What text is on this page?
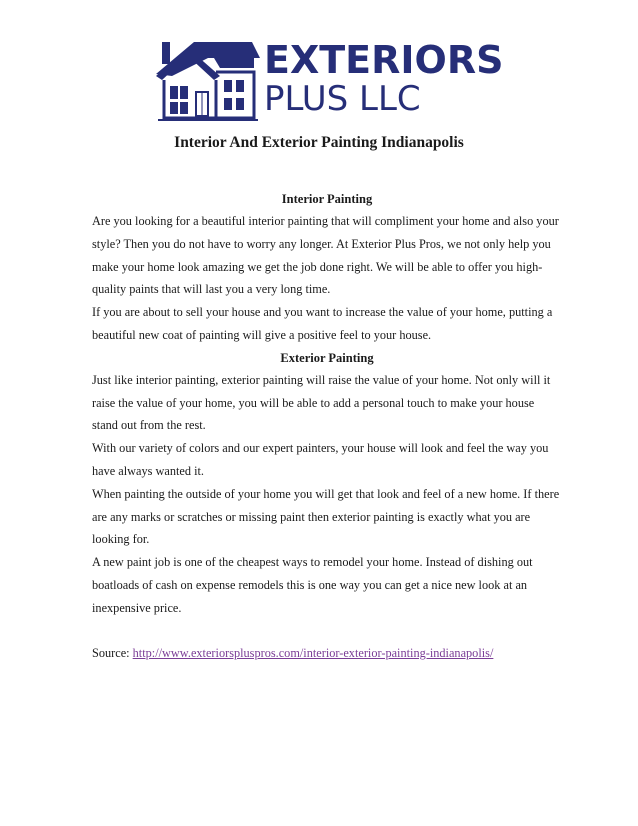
EXTERIORS
PLUS LLC
Interior And Exterior Painting Indianapolis
Interior Painting

Are you looking for a beautiful interior painting that will compliment your home and also your style? Then you do not have to worry any longer. At Exterior Plus Pros, we not only help you make your home look amazing we get the job done right. We will be able to offer you high-quality paints that will last you a very long time.

If you are about to sell your house and you want to increase the value of your home, putting a beautiful new coat of painting will give a positive feel to your house.

Exterior Painting

Just like interior painting, exterior painting will raise the value of your home. Not only will it raise the value of your home, you will be able to add a personal touch to make your house stand out from the rest.

With our variety of colors and our expert painters, your house will look and feel the way you have always wanted it.

When painting the outside of your home you will get that look and feel of a new home. If there are any marks or scratches or missing paint then exterior painting is exactly what you are looking for.

A new paint job is one of the cheapest ways to remodel your home. Instead of dishing out boatloads of cash on expense remodels this is one way you can get a nice new look at an inexpensive price.

Source: http://www.exteriorspluspros.com/interior-exterior-painting-indianapolis/
